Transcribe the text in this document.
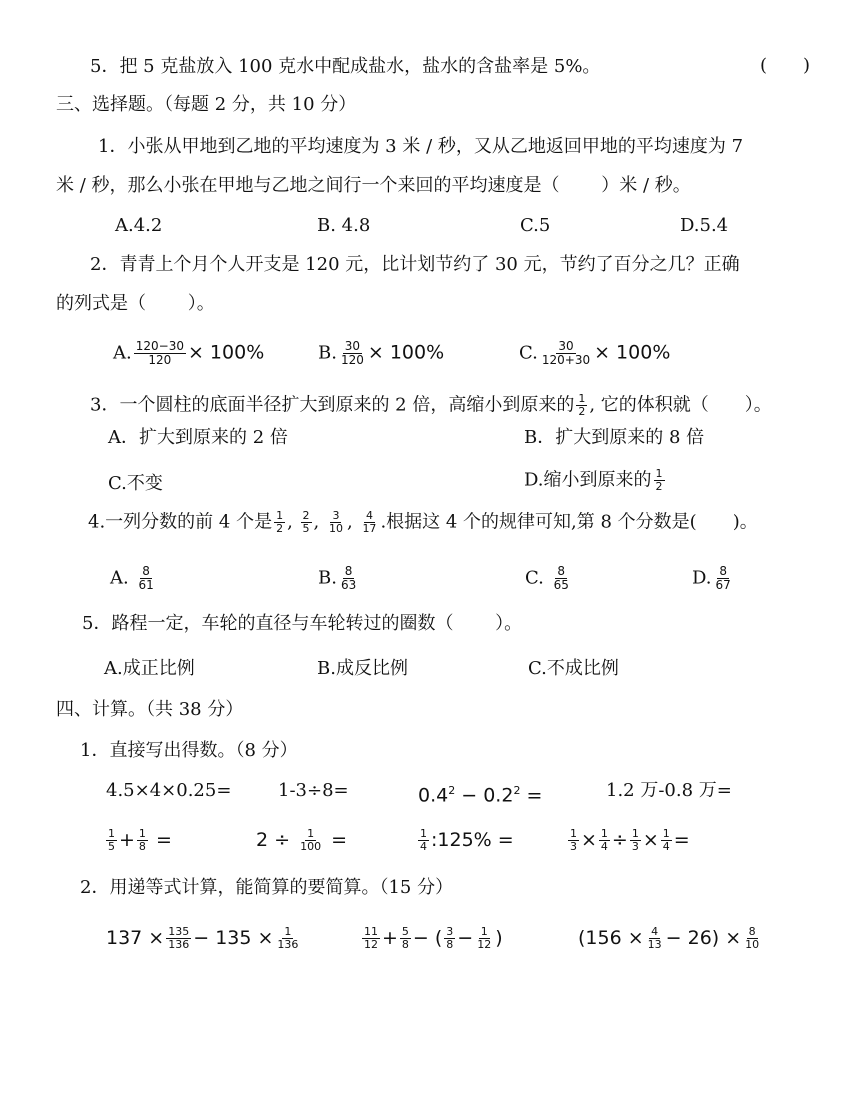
5．把 5 克盐放入 100 克水中配成盐水，盐水的含盐率是 5%。	(  )
三、选择题。（每题 2 分，共 10 分）
1．小张从甲地到乙地的平均速度为 3 米 / 秒，又从乙地返回甲地的平均速度为 7
米 / 秒，那么小张在甲地与乙地之间行一个来回的平均速度是（   ）米 / 秒。
A.4.2	B. 4.8	C.5	D.5.4
2．青青上个月个人开支是 120 元，比计划节约了 30 元，节约了百分之几？正确
的列式是（   ）。
A. $\frac{120-30}{120} \times 100\%$	B. $\frac{30}{120} \times 100\%$	C. $\frac{30}{120+30} \times 100\%$
3．一个圆柱的底面半径扩大到原来的 2 倍，高缩小到原来的 $\frac{1}{2}$ , 它的体积就（  ）。
A．扩大到原来的 2 倍	B．扩大到原来的 8 倍
C.不变	D.缩小到原来的 $\frac{1}{2}$
4.一列分数的前 4 个是 $\frac{1}{2}$ , $\frac{2}{5}$ , $\frac{3}{10}$ , $\frac{4}{17}$ .根据这 4 个的规律可知,第 8 个分数是(  )。
A. $\frac{8}{61}$	B. $\frac{8}{63}$	C. $\frac{8}{65}$	D. $\frac{8}{67}$
5．路程一定，车轮的直径与车轮转过的圈数（   ）。
A.成正比例	B.成反比例	C.不成比例
四、计算。（共 38 分）
1．直接写出得数。（8 分）
4.5×4×0.25=	1-3÷8=	$0.4^2 - 0.2^2$ =	1.2 万-0.8 万=
$\frac{1}{5} + \frac{1}{8}$ =	$2 \div \frac{1}{100}$ =	$\frac{1}{4}$ :125% =	$\frac{1}{3} \times \frac{1}{4} \div \frac{1}{3} \times \frac{1}{4}$ =
2．用递等式计算，能简算的要简算。（15 分）
$137 \times \frac{135}{136} - 135 \times \frac{1}{136}$	$\frac{11}{12} + \frac{5}{8}$ − ( $\frac{3}{8} - \frac{1}{12}$ )	$(156 \times \frac{4}{13} - 26) \times \frac{8}{10}$
